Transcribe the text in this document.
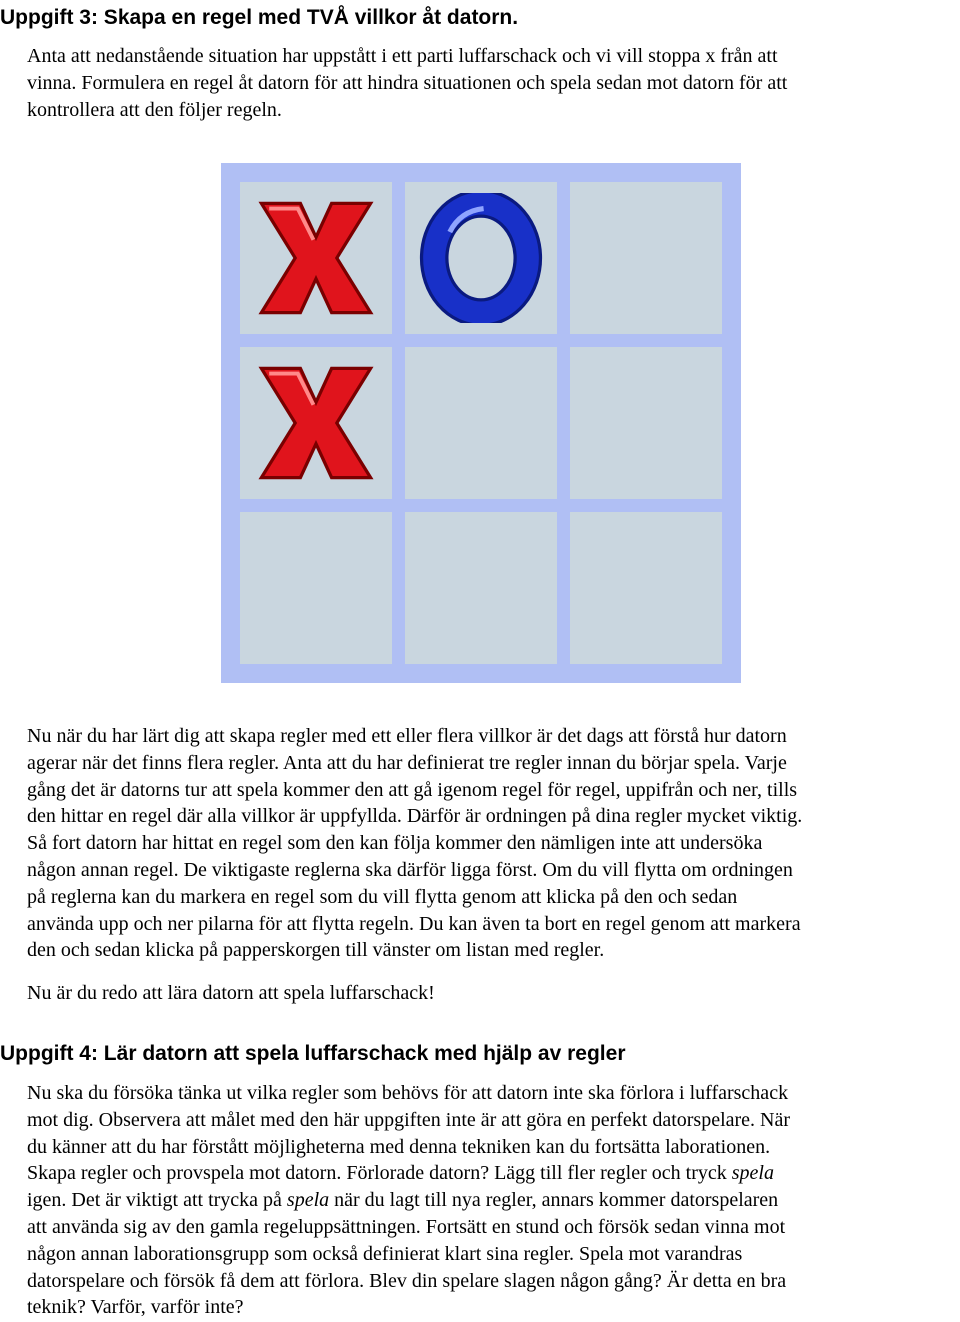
Uppgift 3: Skapa en regel med TVÅ villkor åt datorn.

Anta att nedanstående situation har uppstått i ett parti luffarschack och vi vill stoppa x från att
vinna. Formulera en regel åt datorn för att hindra situationen och spela sedan mot datorn för att
kontrollera att den följer regeln.

Nu när du har lärt dig att skapa regler med ett eller flera villkor är det dags att förstå hur datorn
agerar när det finns flera regler. Anta att du har definierat tre regler innan du börjar spela. Varje
gång det är datorns tur att spela kommer den att gå igenom regel för regel, uppifrån och ner, tills
den hittar en regel där alla villkor är uppfyllda. Därför är ordningen på dina regler mycket viktig.
Så fort datorn har hittat en regel som den kan följa kommer den nämligen inte att undersöka
någon annan regel. De viktigaste reglerna ska därför ligga först. Om du vill flytta om ordningen
på reglerna kan du markera en regel som du vill flytta genom att klicka på den och sedan
använda upp och ner pilarna för att flytta regeln. Du kan även ta bort en regel genom att markera
den och sedan klicka på papperskorgen till vänster om listan med regler.

Nu är du redo att lära datorn att spela luffarschack!

Uppgift 4: Lär datorn att spela luffarschack med hjälp av regler

Nu ska du försöka tänka ut vilka regler som behövs för att datorn inte ska förlora i luffarschack
mot dig. Observera att målet med den här uppgiften inte är att göra en perfekt datorspelare. När
du känner att du har förstått möjligheterna med denna tekniken kan du fortsätta laborationen.
Skapa regler och provspela mot datorn. Förlorade datorn? Lägg till fler regler och tryck spela
igen. Det är viktigt att trycka på spela när du lagt till nya regler, annars kommer datorspelaren
att använda sig av den gamla regeluppsättningen. Fortsätt en stund och försök sedan vinna mot
någon annan laborationsgrupp som också definierat klart sina regler. Spela mot varandras
datorspelare och försök få dem att förlora. Blev din spelare slagen någon gång? Är detta en bra
teknik? Varför, varför inte?
